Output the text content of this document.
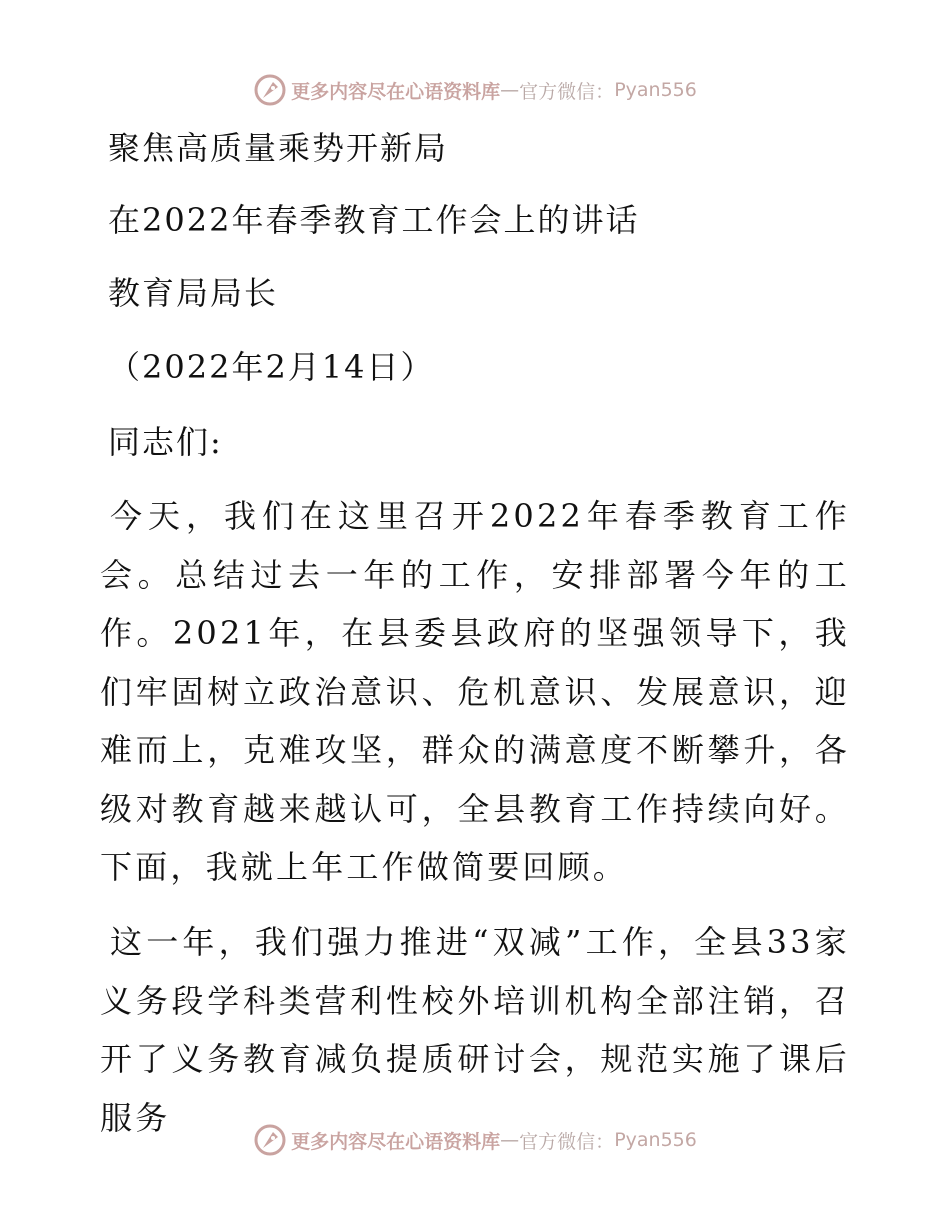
更多内容尽在心语资料库 — 官方微信： Pyan556

聚焦高质量乘势开新局

在2022年春季教育工作会上的讲话

教育局局长

（2022年2月14日）

同志们:

今天，我们在这里召开2022年春季教育工作会。总结过去一年的工作，安排部署今年的工作。2021年，在县委县政府的坚强领导下，我们牢固树立政治意识、危机意识、发展意识，迎难而上，克难攻坚，群众的满意度不断攀升，各级对教育越来越认可，全县教育工作持续向好。下面，我就上年工作做简要回顾。

这一年，我们强力推进“双减”工作，全县33家义务段学科类营利性校外培训机构全部注销，召开了义务教育减负提质研讨会，规范实施了课后服务

更多内容尽在心语资料库 — 官方微信： Pyan556
